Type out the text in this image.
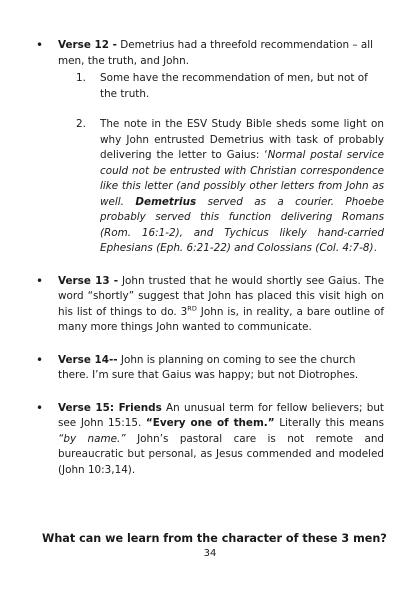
• Verse 12 - Demetrius had a threefold recommendation – all men, the truth, and John.
1. Some have the recommendation of men, but not of the truth.
2. The note in the ESV Study Bible sheds some light on why John entrusted Demetrius with task of probably delivering the letter to Gaius: ‘Normal postal service could not be entrusted with Christian correspondence like this letter (and possibly other letters from John as well. Demetrius served as a courier. Phoebe probably served this function delivering Romans (Rom. 16:1-2), and Tychicus likely hand-carried Ephesians (Eph. 6:21-22) and Colossians (Col. 4:7-8).
• Verse 13 - John trusted that he would shortly see Gaius. The word “shortly” suggest that John has placed this visit high on his list of things to do. 3RD John is, in reality, a bare outline of many more things John wanted to communicate.
• Verse 14-- John is planning on coming to see the church there. I’m sure that Gaius was happy; but not Diotrophes.
• Verse 15: Friends An unusual term for fellow believers; but see John 15:15. “Every one of them.” Literally this means “by name.” John’s pastoral care is not remote and bureaucratic but personal, as Jesus commended and modeled (John 10:3,14).
What can we learn from the character of these 3 men?
34
